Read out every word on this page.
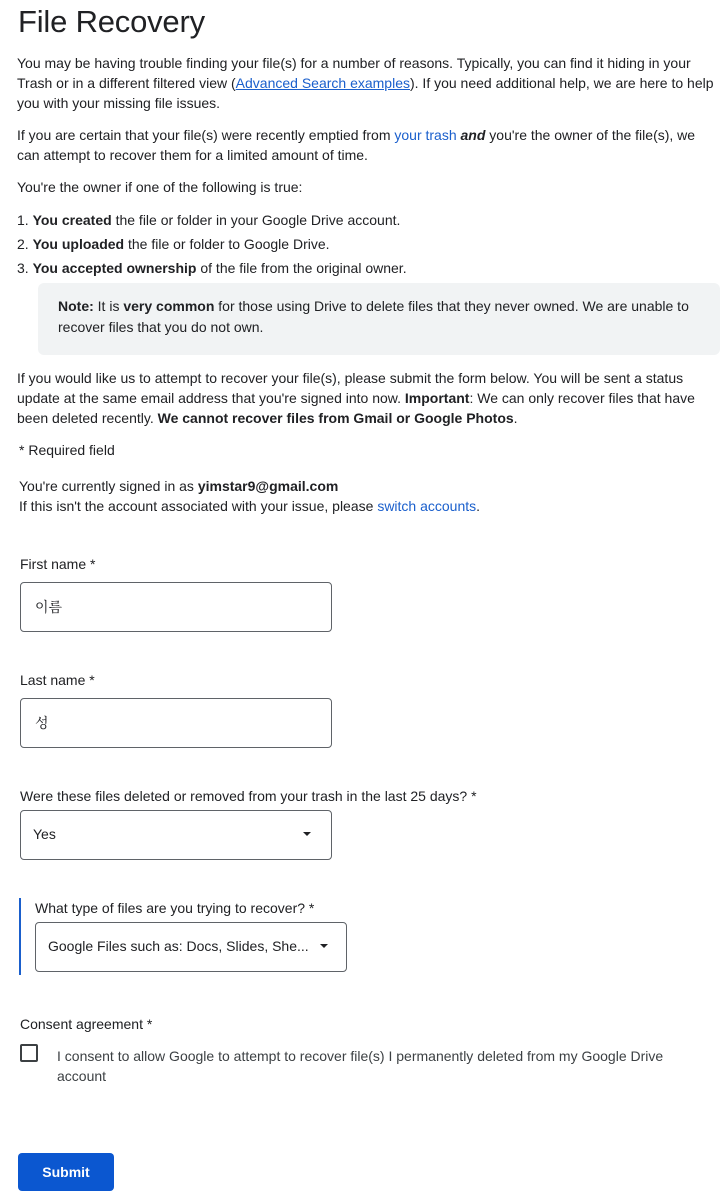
File Recovery

You may be having trouble finding your file(s) for a number of reasons. Typically, you can find it hiding in your Trash or in a different filtered view (Advanced Search examples). If you need additional help, we are here to help you with your missing file issues.

If you are certain that your file(s) were recently emptied from your trash and you're the owner of the file(s), we can attempt to recover them for a limited amount of time.

You're the owner if one of the following is true:

1. You created the file or folder in your Google Drive account.
2. You uploaded the file or folder to Google Drive.
3. You accepted ownership of the file from the original owner.
Note: It is very common for those using Drive to delete files that they never owned. We are unable to recover files that you do not own.

If you would like us to attempt to recover your file(s), please submit the form below. You will be sent a status update at the same email address that you're signed into now. Important: We can only recover files that have been deleted recently. We cannot recover files from Gmail or Google Photos.

* Required field

You're currently signed in as yimstar9@gmail.com
If this isn't the account associated with your issue, please switch accounts.

First name *
이름
Last name *
성
Were these files deleted or removed from your trash in the last 25 days? *
Yes
What type of files are you trying to recover? *
Google Files such as: Docs, Slides, She...
Consent agreement *
I consent to allow Google to attempt to recover file(s) I permanently deleted from my Google Drive account
Submit
